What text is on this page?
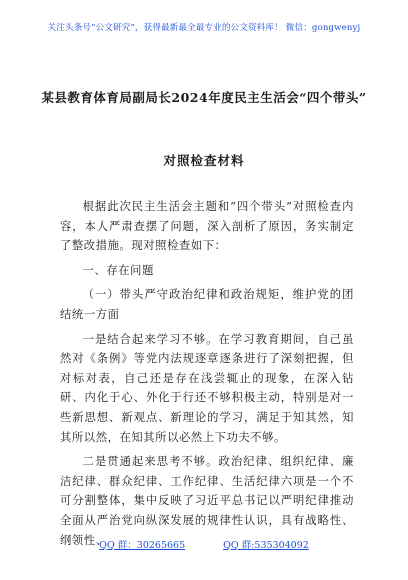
关注头条号“公文研究”，获得最新最全最专业的公文资料库！ 微信：gongwenyj
某县教育体育局副局长2024年度民主生活会“四个带头”
对照检查材料

根据此次民主生活会主题和“四个带头”对照检查内容，本人严肃查摆了问题，深入剖析了原因，务实制定了整改措施。现对照检查如下：

一、存在问题

（一）带头严守政治纪律和政治规矩，维护党的团结统一方面

一是结合起来学习不够。在学习教育期间，自己虽然对《条例》等党内法规逐章逐条进行了深刻把握，但对标对表，自己还是存在浅尝辄止的现象，在深入钻研、内化于心、外化于行还不够积极主动，特别是对一些新思想、新观点、新理论的学习，满足于知其然，知其所以然，在知其所以必然上下功夫不够。

二是贯通起来思考不够。政治纪律、组织纪律、廉洁纪律、群众纪律、工作纪律、生活纪律六项是一个不可分割整体，集中反映了习近平总书记以严明纪律推动全面从严治党向纵深发展的规律性认识，具有战略性、纲领性、

QQ 群：30265665	QQ 群:535304092
